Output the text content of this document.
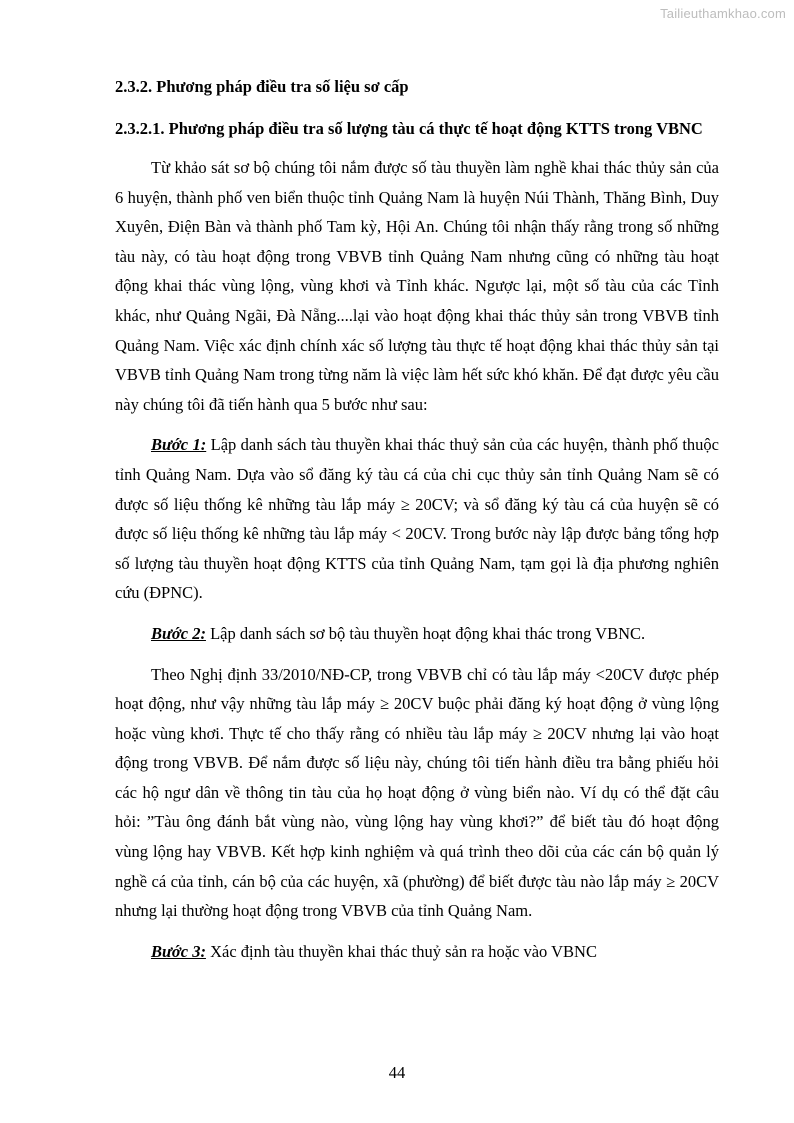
Tailieuthamkhao.com

2.3.2. Phương pháp điều tra số liệu sơ cấp

2.3.2.1. Phương pháp điều tra số lượng tàu cá thực tế hoạt động KTTS trong VBNC

Từ khảo sát sơ bộ chúng tôi nắm được số tàu thuyền làm nghề khai thác thủy sản của 6 huyện, thành phố ven biển thuộc tỉnh Quảng Nam là huyện Núi Thành, Thăng Bình, Duy Xuyên, Điện Bàn và thành phố Tam kỳ, Hội An. Chúng tôi nhận thấy rằng trong số những tàu này, có tàu hoạt động trong VBVB tỉnh Quảng Nam nhưng cũng có những tàu hoạt động khai thác vùng lộng, vùng khơi và Tỉnh khác. Ngược lại, một số tàu của các Tỉnh khác, như Quảng Ngãi, Đà Nẵng....lại vào hoạt động khai thác thủy sản trong VBVB tỉnh Quảng Nam. Việc xác định chính xác số lượng tàu thực tế hoạt động khai thác thủy sản tại VBVB tỉnh Quảng Nam trong từng năm là việc làm hết sức khó khăn. Để đạt được yêu cầu này chúng tôi đã tiến hành qua 5 bước như sau:

Bước 1: Lập danh sách tàu thuyền khai thác thuỷ sản của các huyện, thành phố thuộc tỉnh Quảng Nam. Dựa vào sổ đăng ký tàu cá của chi cục thủy sản tỉnh Quảng Nam sẽ có được số liệu thống kê những tàu lắp máy ≥ 20CV; và sổ đăng ký tàu cá của huyện sẽ có được số liệu thống kê những tàu lắp máy < 20CV. Trong bước này lập được bảng tổng hợp số lượng tàu thuyền hoạt động KTTS của tỉnh Quảng Nam, tạm gọi là địa phương nghiên cứu (ĐPNC).

Bước 2: Lập danh sách sơ bộ tàu thuyền hoạt động khai thác trong VBNC.

Theo Nghị định 33/2010/NĐ-CP, trong VBVB chỉ có tàu lắp máy <20CV được phép hoạt động, như vậy những tàu lắp máy ≥ 20CV buộc phải đăng ký hoạt động ở vùng lộng hoặc vùng khơi. Thực tế cho thấy rằng có nhiều tàu lắp máy ≥ 20CV nhưng lại vào hoạt động trong VBVB. Để nắm được số liệu này, chúng tôi tiến hành điều tra bằng phiếu hỏi các hộ ngư dân về thông tin tàu của họ hoạt động ở vùng biển nào. Ví dụ có thể đặt câu hỏi: ”Tàu ông đánh bắt vùng nào, vùng lộng hay vùng khơi?” để biết tàu đó hoạt động vùng lộng hay VBVB. Kết hợp kinh nghiệm và quá trình theo dõi của các cán bộ quản lý nghề cá của tỉnh, cán bộ của các huyện, xã (phường) để biết được tàu nào lắp máy ≥ 20CV nhưng lại thường hoạt động trong VBVB của tỉnh Quảng Nam.

Bước 3: Xác định tàu thuyền khai thác thuỷ sản ra hoặc vào VBNC

44
